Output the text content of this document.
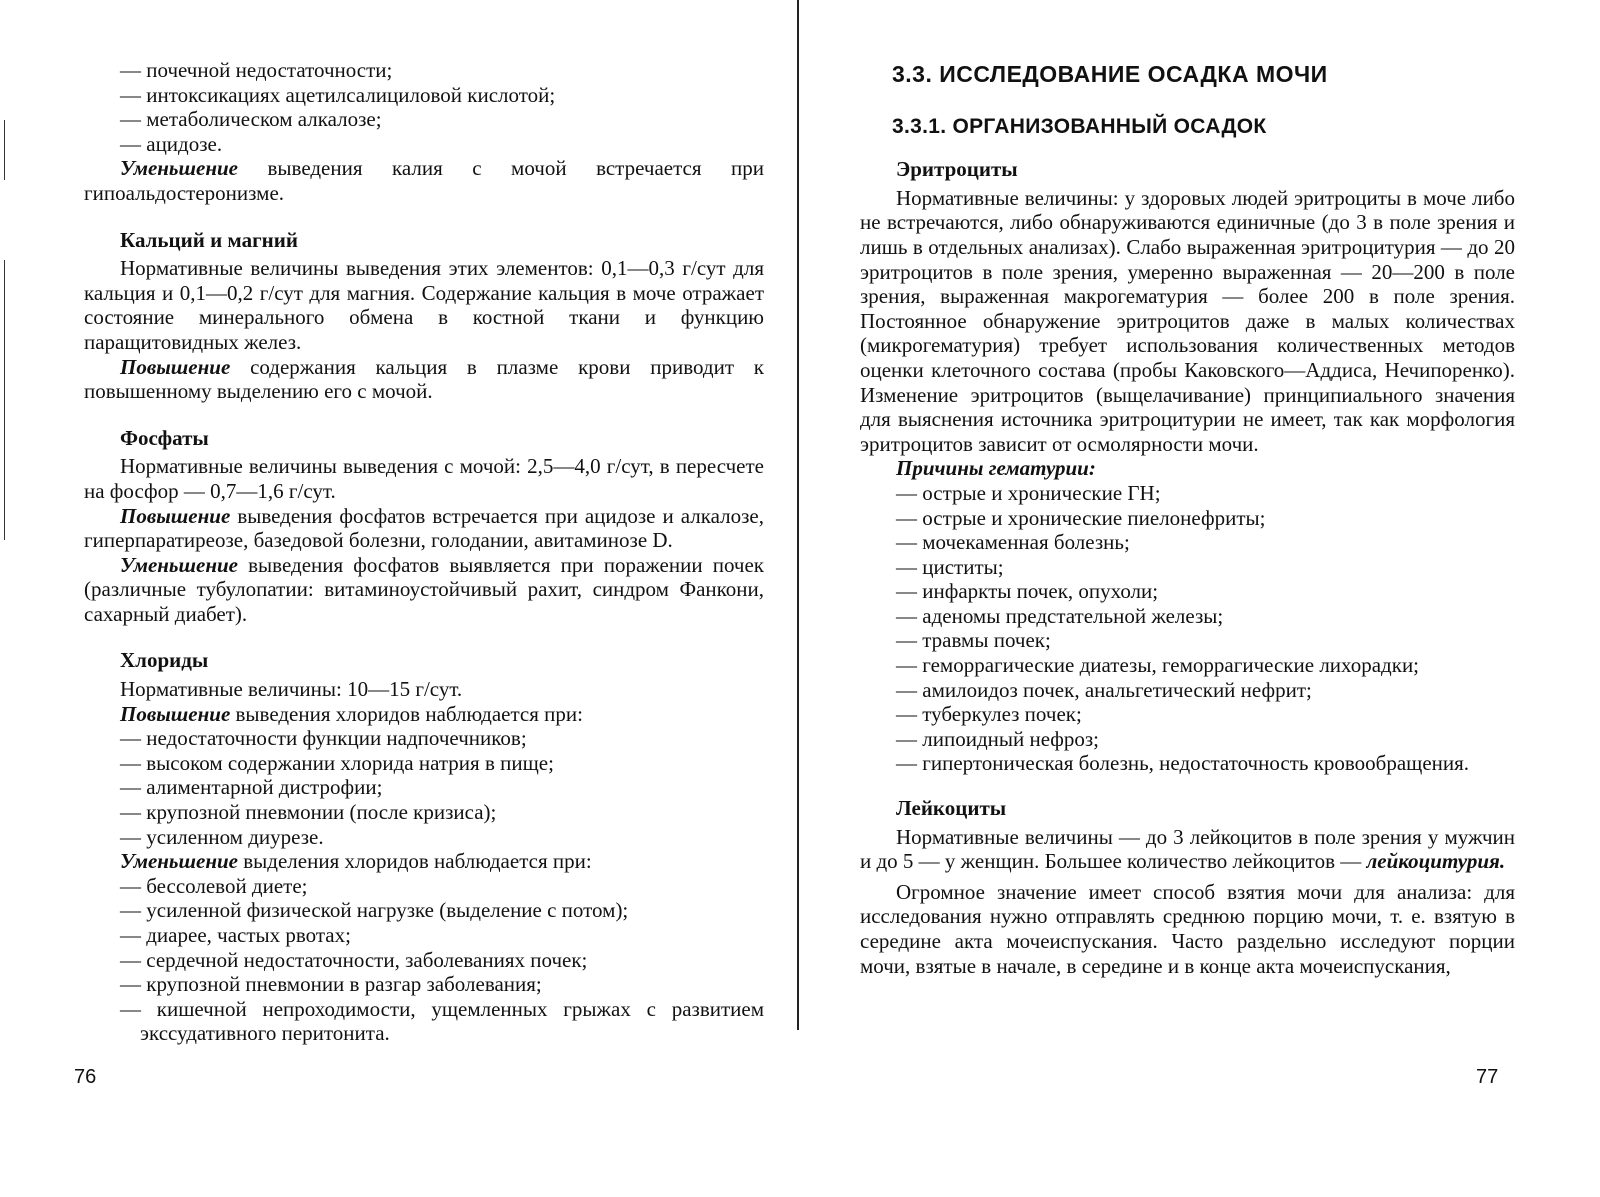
— почечной недостаточности;

— интоксикациях ацетилсалициловой кислотой;

— метаболическом алкалозе;

— ацидозе.

Уменьшение выведения калия с мочой встречается при гипоальдостеронизме.

Кальций и магний

Нормативные величины выведения этих элементов: 0,1—0,3 г/сут для кальция и 0,1—0,2 г/сут для магния. Содержание кальция в моче отражает состояние минерального обмена в костной ткани и функцию паращитовидных желез.

Повышение содержания кальция в плазме крови приводит к повышенному выделению его с мочой.

Фосфаты

Нормативные величины выведения с мочой: 2,5—4,0 г/сут, в пересчете на фосфор — 0,7—1,6 г/сут.

Повышение выведения фосфатов встречается при ацидозе и алкалозе, гиперпаратиреозе, базедовой болезни, голодании, авитаминозе D.

Уменьшение выведения фосфатов выявляется при поражении почек (различные тубулопатии: витаминоустойчивый рахит, синдром Фанкони, сахарный диабет).

Хлориды

Нормативные величины: 10—15 г/сут.

Повышение выведения хлоридов наблюдается при:

— недостаточности функции надпочечников;

— высоком содержании хлорида натрия в пище;

— алиментарной дистрофии;

— крупозной пневмонии (после кризиса);

— усиленном диурезе.

Уменьшение выделения хлоридов наблюдается при:

— бессолевой диете;

— усиленной физической нагрузке (выделение с потом);

— диарее, частых рвотах;

— сердечной недостаточности, заболеваниях почек;

— крупозной пневмонии в разгар заболевания;

— кишечной непроходимости, ущемленных грыжах с развитием экссудативного перитонита.

76
3.3. ИССЛЕДОВАНИЕ ОСАДКА МОЧИ
3.3.1. ОРГАНИЗОВАННЫЙ ОСАДОК
Эритроциты

Нормативные величины: у здоровых людей эритроциты в моче либо не встречаются, либо обнаруживаются единичные (до 3 в поле зрения и лишь в отдельных анализах). Слабо выраженная эритроцитурия — до 20 эритроцитов в поле зрения, умеренно выраженная — 20—200 в поле зрения, выраженная макрогематурия — более 200 в поле зрения. Постоянное обнаружение эритроцитов даже в малых количествах (микрогематурия) требует использования количественных методов оценки клеточного состава (пробы Каковского—Аддиса, Нечипоренко). Изменение эритроцитов (выщелачивание) принципиального значения для выяснения источника эритроцитурии не имеет, так как морфология эритроцитов зависит от осмолярности мочи.

Причины гематурии:

— острые и хронические ГН;

— острые и хронические пиелонефриты;

— мочекаменная болезнь;

— циститы;

— инфаркты почек, опухоли;

— аденомы предстательной железы;

— травмы почек;

— геморрагические диатезы, геморрагические лихорадки;

— амилоидоз почек, анальгетический нефрит;

— туберкулез почек;

— липоидный нефроз;

— гипертоническая болезнь, недостаточность кровообращения.

Лейкоциты

Нормативные величины — до 3 лейкоцитов в поле зрения у мужчин и до 5 — у женщин. Большее количество лейкоцитов — лейкоцитурия.

Огромное значение имеет способ взятия мочи для анализа: для исследования нужно отправлять среднюю порцию мочи, т. е. взятую в середине акта мочеиспускания. Часто раздельно исследуют порции мочи, взятые в начале, в середине и в конце акта мочеиспускания,

77
